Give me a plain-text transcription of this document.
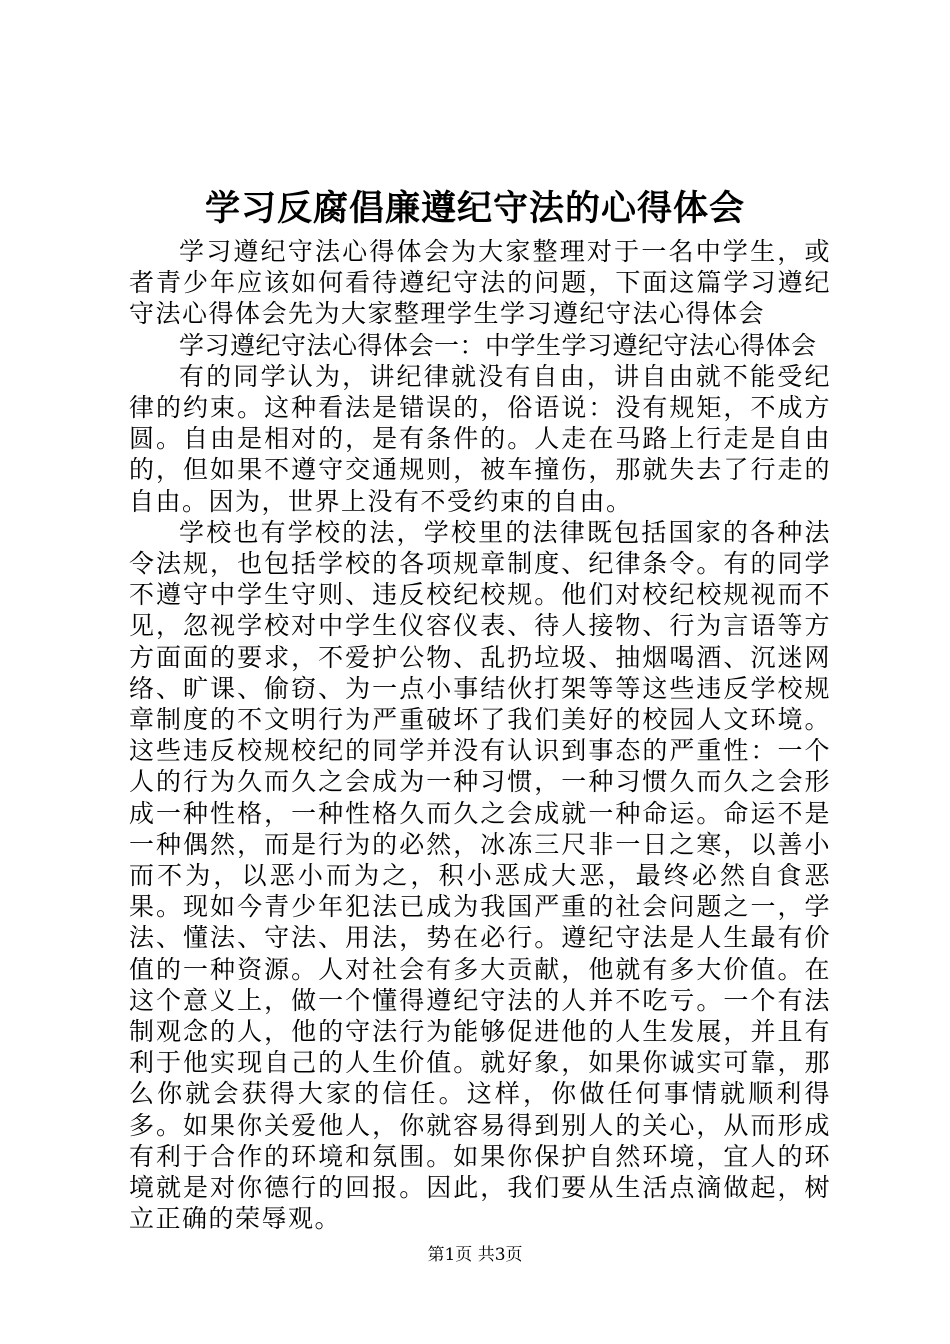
学习反腐倡廉遵纪守法的心得体会

学习遵纪守法心得体会为大家整理对于一名中学生，或者青少年应该如何看待遵纪守法的问题，下面这篇学习遵纪守法心得体会先为大家整理学生学习遵纪守法心得体会

学习遵纪守法心得体会一：中学生学习遵纪守法心得体会

有的同学认为，讲纪律就没有自由，讲自由就不能受纪律的约束。这种看法是错误的，俗语说：没有规矩，不成方圆。自由是相对的，是有条件的。人走在马路上行走是自由的，但如果不遵守交通规则，被车撞伤，那就失去了行走的自由。因为，世界上没有不受约束的自由。

学校也有学校的法，学校里的法律既包括国家的各种法令法规，也包括学校的各项规章制度、纪律条令。有的同学不遵守中学生守则、违反校纪校规。他们对校纪校规视而不见，忽视学校对中学生仪容仪表、待人接物、行为言语等方方面面的要求，不爱护公物、乱扔垃圾、抽烟喝酒、沉迷网络、旷课、偷窃、为一点小事结伙打架等等这些违反学校规章制度的不文明行为严重破坏了我们美好的校园人文环境。这些违反校规校纪的同学并没有认识到事态的严重性：一个人的行为久而久之会成为一种习惯，一种习惯久而久之会形成一种性格，一种性格久而久之会成就一种命运。命运不是一种偶然，而是行为的必然，冰冻三尺非一日之寒，以善小而不为，以恶小而为之，积小恶成大恶，最终必然自食恶果。现如今青少年犯法已成为我国严重的社会问题之一，学法、懂法、守法、用法，势在必行。遵纪守法是人生最有价值的一种资源。人对社会有多大贡献，他就有多大价值。在这个意义上，做一个懂得遵纪守法的人并不吃亏。一个有法制观念的人，他的守法行为能够促进他的人生发展，并且有利于他实现自己的人生价值。就好象，如果你诚实可靠，那么你就会获得大家的信任。这样，你做任何事情就顺利得多。如果你关爱他人，你就容易得到别人的关心，从而形成有利于合作的环境和氛围。如果你保护自然环境，宜人的环境就是对你德行的回报。因此，我们要从生活点滴做起，树立正确的荣辱观。

第1页 共3页
